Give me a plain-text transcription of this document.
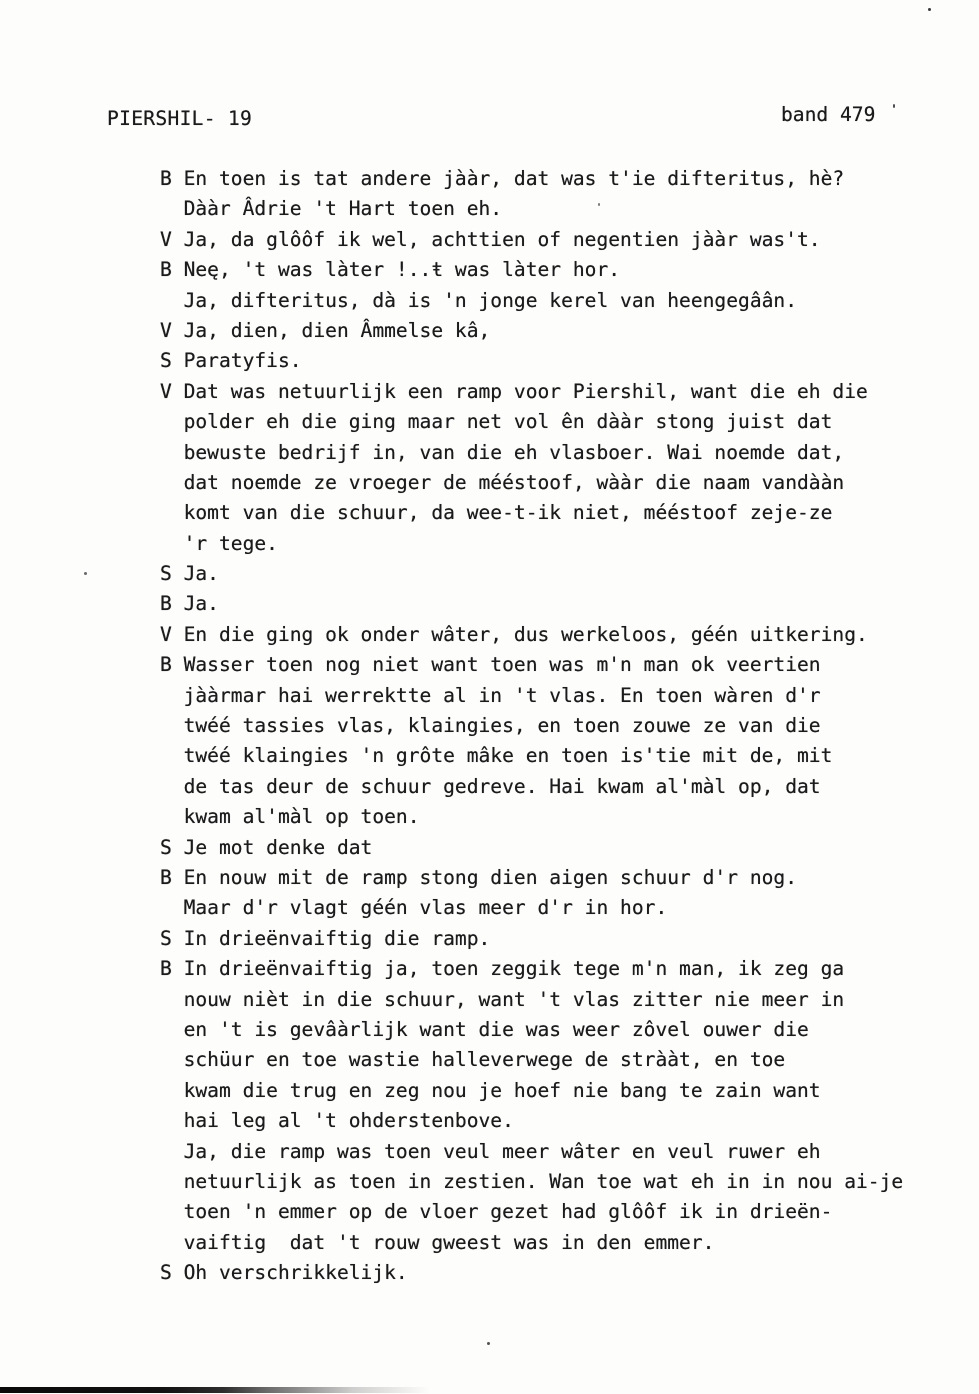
PIERSHIL- 19	band 479
B En toen is tat andere jààr, dat was t'ie difteritus, hè?

Dààr Âdrie 't Hart toen eh.
V Ja, da glôôf ik wel, achttien of negentien jààr was't.
B Neę, 't was làter !..ŧ was làter hor.

Ja, difteritus, dà is 'n jonge kerel van heengegâân.
V Ja, dien, dien Âmmelse kâ,
S Paratyfis.
V Dat was netuurlijk een ramp voor Piershil, want die eh die

polder eh die ging maar net vol ên dààr stong juist dat

bewuste bedrijf in, van die eh vlasboer. Wai noemde dat,

dat noemde ze vroeger de mééstoof, wààr die naam vandààn

komt van die schuur, da wee-t-ik niet, mééstoof zeje-ze

'r tege.
S Ja.
B Ja.
V En die ging ok onder wâter, dus werkeloos, géén uitkering.
B Wasser toen nog niet want toen was m'n man ok veertien

jààrmar hai werrektte al in 't vlas. En toen wàren d'r

twéé tassies vlas, klaingies, en toen zouwe ze van die

twéé klaingies 'n grôte mâke en toen is'tie mit de, mit

de tas deur de schuur gedreve. Hai kwam al'màl op, dat

kwam al'màl op toen.
S Je mot denke dat
B En nouw mit de ramp stong dien aigen schuur d'r nog.

Maar d'r vlagt géén vlas meer d'r in hor.
S In drieënvaiftig die ramp.
B In drieënvaiftig ja, toen zeggik tege m'n man, ik zeg ga

nouw nièt in die schuur, want 't vlas zitter nie meer in

en 't is gevâàrlijk want die was weer zôvel ouwer die

schüur en toe wastie halleverwege de strààt, en toe

kwam die trug en zeg nou je hoef nie bang te zain want

hai leg al 't ohderstenbove.

Ja, die ramp was toen veul meer wâter en veul ruwer eh

netuurlijk as toen in zestien. Wan toe wat eh in in nou ai-je

toen 'n emmer op de vloer gezet had glôôf ik in drieën-

vaiftig  dat 't rouw gweest was in den emmer.
S Oh verschrikkelijk.
